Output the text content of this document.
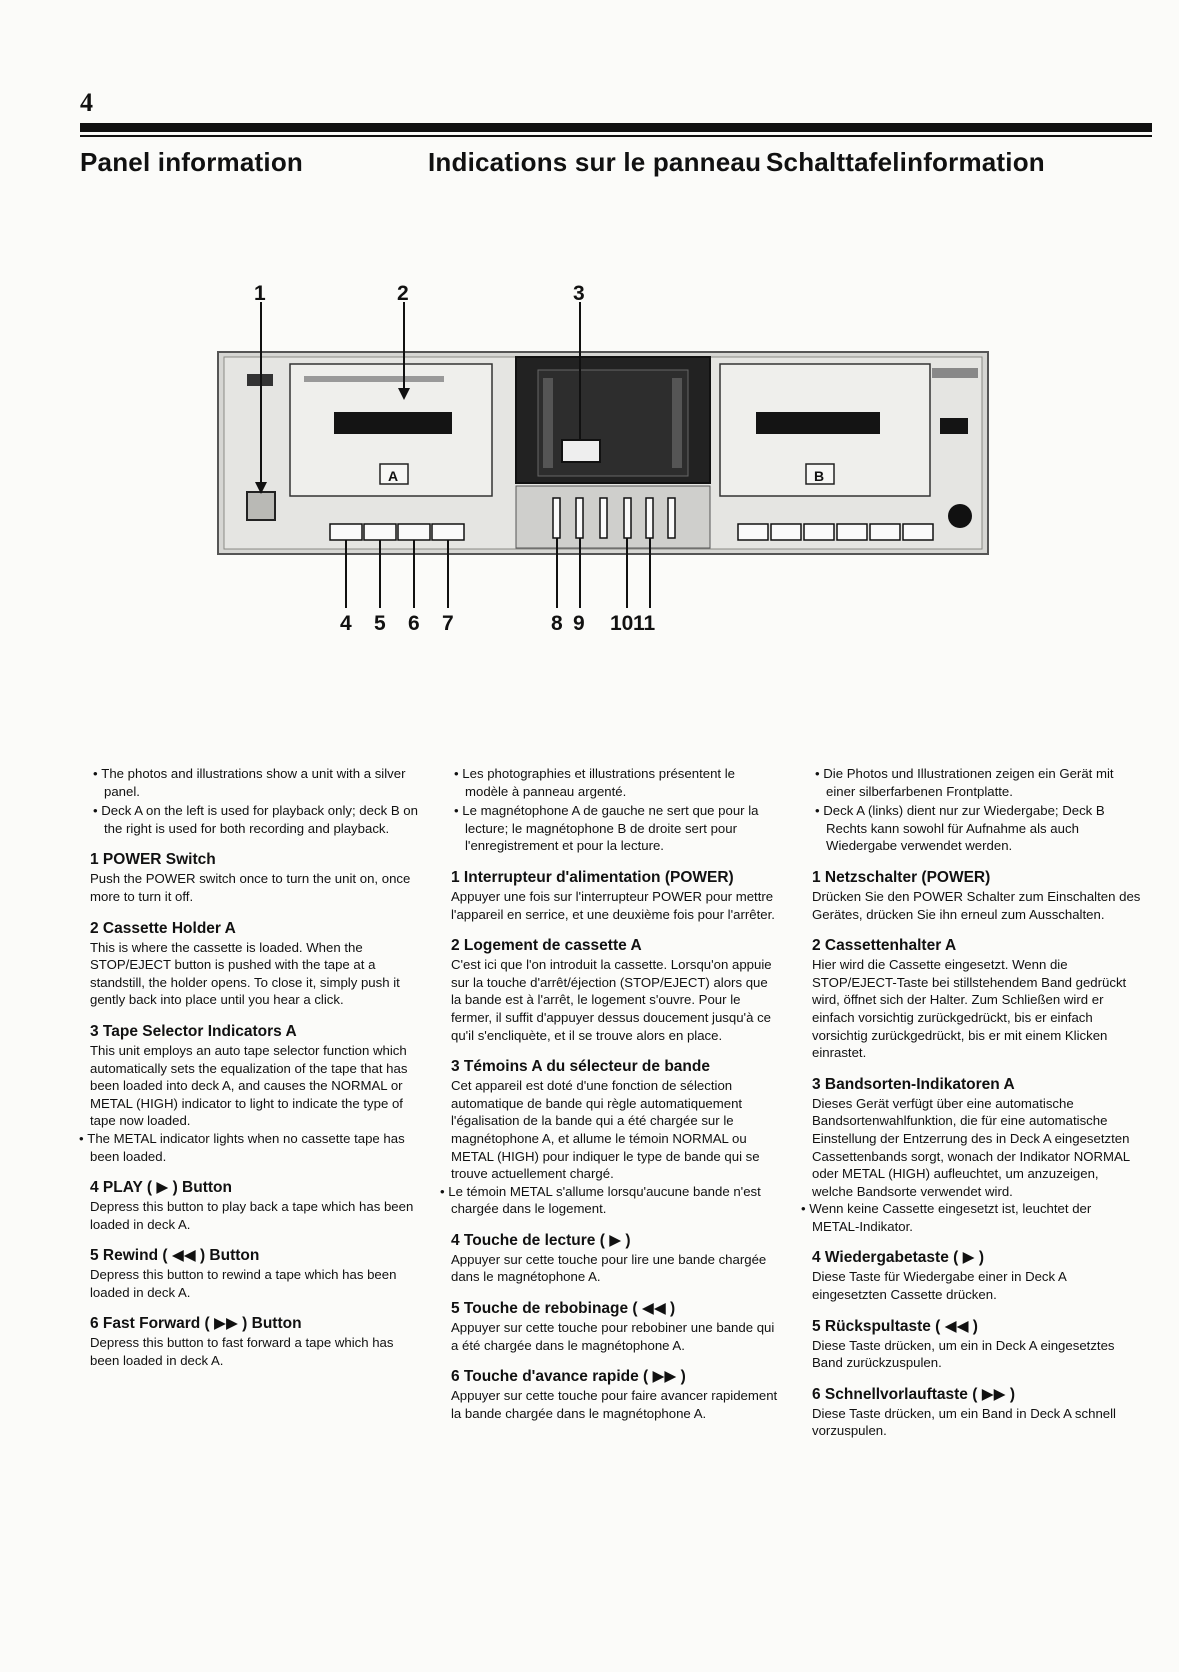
4
Panel information	Indications sur le panneau Schalttafelinformation
A	B
1	2	3
4 5 6 7	8 9 10 11

• The photos and illustrations show a unit with a silver panel.

• Deck A on the left is used for playback only; deck B on the right is used for both recording and playback.

1 POWER Switch

Push the POWER switch once to turn the unit on, once more to turn it off.

2 Cassette Holder A

This is where the cassette is loaded. When the STOP/EJECT button is pushed with the tape at a standstill, the holder opens. To close it, simply push it gently back into place until you hear a click.

3 Tape Selector Indicators A

This unit employs an auto tape selector function which automatically sets the equalization of the tape that has been loaded into deck A, and causes the NORMAL or METAL (HIGH) indicator to light to indicate the type of tape now loaded.

• The METAL indicator lights when no cassette tape has been loaded.

4 PLAY ( ▶ ) Button

Depress this button to play back a tape which has been loaded in deck A.

5 Rewind ( ◀◀ ) Button

Depress this button to rewind a tape which has been loaded in deck A.

6 Fast Forward ( ▶▶ ) Button

Depress this button to fast forward a tape which has been loaded in deck A.

• Les photographies et illustrations présentent le modèle à panneau argenté.

• Le magnétophone A de gauche ne sert que pour la lecture; le magnétophone B de droite sert pour l'enregistrement et pour la lecture.

1 Interrupteur d'alimentation (POWER)

Appuyer une fois sur l'interrupteur POWER pour mettre l'appareil en serrice, et une deuxième fois pour l'arrêter.

2 Logement de cassette A

C'est ici que l'on introduit la cassette. Lorsqu'on appuie sur la touche d'arrêt/éjection (STOP/EJECT) alors que la bande est à l'arrêt, le logement s'ouvre. Pour le fermer, il suffit d'appuyer dessus doucement jusqu'à ce qu'il s'encliquète, et il se trouve alors en place.

3 Témoins A du sélecteur de bande

Cet appareil est doté d'une fonction de sélection automatique de bande qui règle automatiquement l'égalisation de la bande qui a été chargée sur le magnétophone A, et allume le témoin NORMAL ou METAL (HIGH) pour indiquer le type de bande qui se trouve actuellement chargé.

• Le témoin METAL s'allume lorsqu'aucune bande n'est chargée dans le logement.

4 Touche de lecture ( ▶ )

Appuyer sur cette touche pour lire une bande chargée dans le magnétophone A.

5 Touche de rebobinage ( ◀◀ )

Appuyer sur cette touche pour rebobiner une bande qui a été chargée dans le magnétophone A.

6 Touche d'avance rapide ( ▶▶ )

Appuyer sur cette touche pour faire avancer rapidement la bande chargée dans le magnétophone A.

• Die Photos und Illustrationen zeigen ein Gerät mit einer silberfarbenen Frontplatte.

• Deck A (links) dient nur zur Wiedergabe; Deck B Rechts kann sowohl für Aufnahme als auch Wiedergabe verwendet werden.

1 Netzschalter (POWER)

Drücken Sie den POWER Schalter zum Einschalten des Gerätes, drücken Sie ihn erneul zum Ausschalten.

2 Cassettenhalter A

Hier wird die Cassette eingesetzt. Wenn die STOP/EJECT-Taste bei stillstehendem Band gedrückt wird, öffnet sich der Halter. Zum Schließen wird er einfach vorsichtig zurückgedrückt, bis er einfach vorsichtig zurückgedrückt, bis er mit einem Klicken einrastet.

3 Bandsorten-Indikatoren A

Dieses Gerät verfügt über eine automatische Bandsortenwahlfunktion, die für eine automatische Einstellung der Entzerrung des in Deck A eingesetzten Cassettenbands sorgt, wonach der Indikator NORMAL oder METAL (HIGH) aufleuchtet, um anzuzeigen, welche Bandsorte verwendet wird.

• Wenn keine Cassette eingesetzt ist, leuchtet der METAL-Indikator.

4 Wiedergabetaste ( ▶ )

Diese Taste für Wiedergabe einer in Deck A eingesetzten Cassette drücken.

5 Rückspultaste ( ◀◀ )

Diese Taste drücken, um ein in Deck A eingesetztes Band zurückzuspulen.

6 Schnellvorlauftaste ( ▶▶ )

Diese Taste drücken, um ein Band in Deck A schnell vorzuspulen.
